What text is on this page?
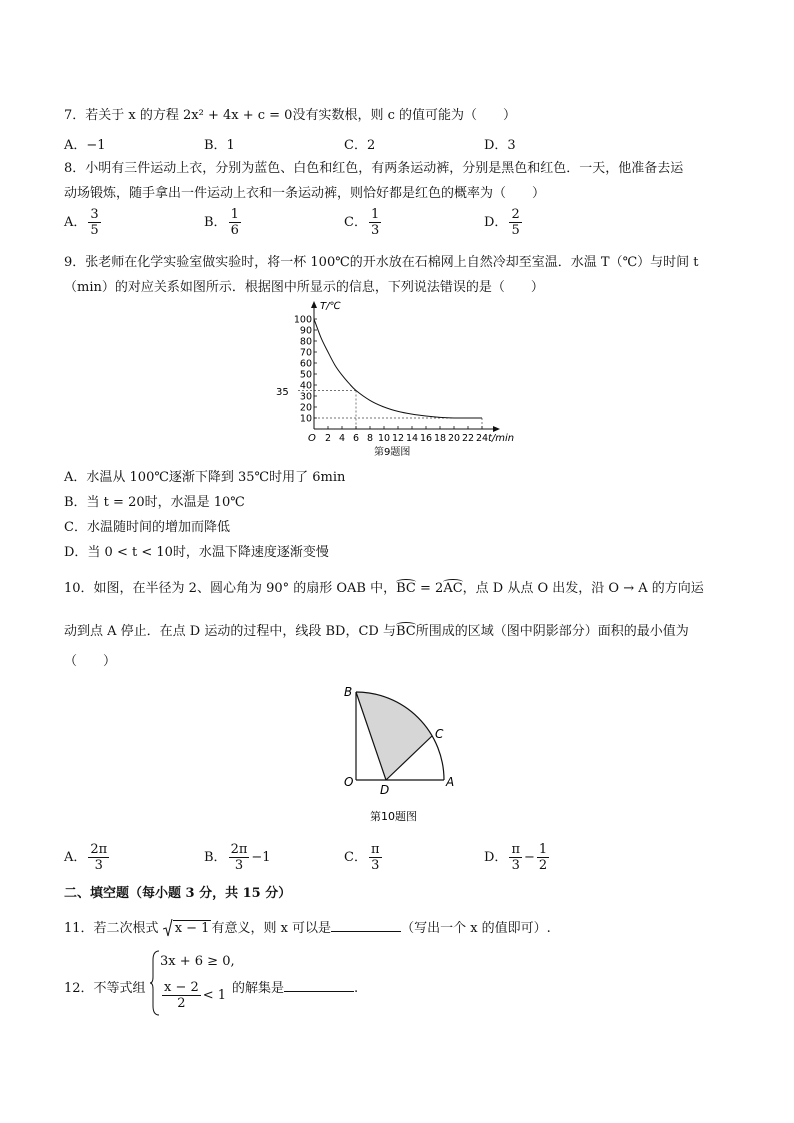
7．若关于 x 的方程 2x² + 4x + c = 0没有实数根，则 c 的值可能为（　　）
A．−1	B．1	C．2	D．3
8．小明有三件运动上衣，分别为蓝色、白色和红色，有两条运动裤，分别是黑色和红色．一天，他准备去运
动场锻炼，随手拿出一件运动上衣和一条运动裤，则恰好都是红色的概率为（　　）
A． $\frac{3}{5}$	B． $\frac{1}{6}$	C． $\frac{1}{3}$	D． $\frac{2}{5}$
9．张老师在化学实验室做实验时，将一杯 100℃的开水放在石棉网上自然冷却至室温．水温 T（℃）与时间 t
（min）的对应关系如图所示．根据图中所显示的信息，下列说法错误的是（　　）
10
20
30
40
50
60
70
80
90
100
2 4 6 8 10 12 14 16 18 20 22 24
T/℃
t/min
O
35
第9题图
A．水温从 100℃逐渐下降到 35℃时用了 6min
B．当 t = 20时，水温是 10℃
C．水温随时间的增加而降低
D．当 0 < t < 10时，水温下降速度逐渐变慢
10．如图，在半径为 2、圆心角为 90° 的扇形 OAB 中，BC = 2AC，点 D 从点 O 出发，沿 O → A 的方向运
动到点 A 停止．在点 D 运动的过程中，线段 BD，CD 与BC所围成的区域（图中阴影部分）面积的最小值为
（　　）
B
C
O
D
A
第10题图
A． $\frac{2\pi}{3}$	B． $\frac{2\pi}{3} -1$	C． $\frac{\pi}{3}$	D． $\frac{\pi}{3} - \frac{1}{2}$
二、填空题（每小题 3 分，共 15 分）
11．若二次根式 x − 1 有意义，则 x 可以是	（写出一个 x 的值即可）.
12．不等式组
3x + 6 ≥ 0,
$\frac{x - 2}{2} < 1$ 的解集是	.
